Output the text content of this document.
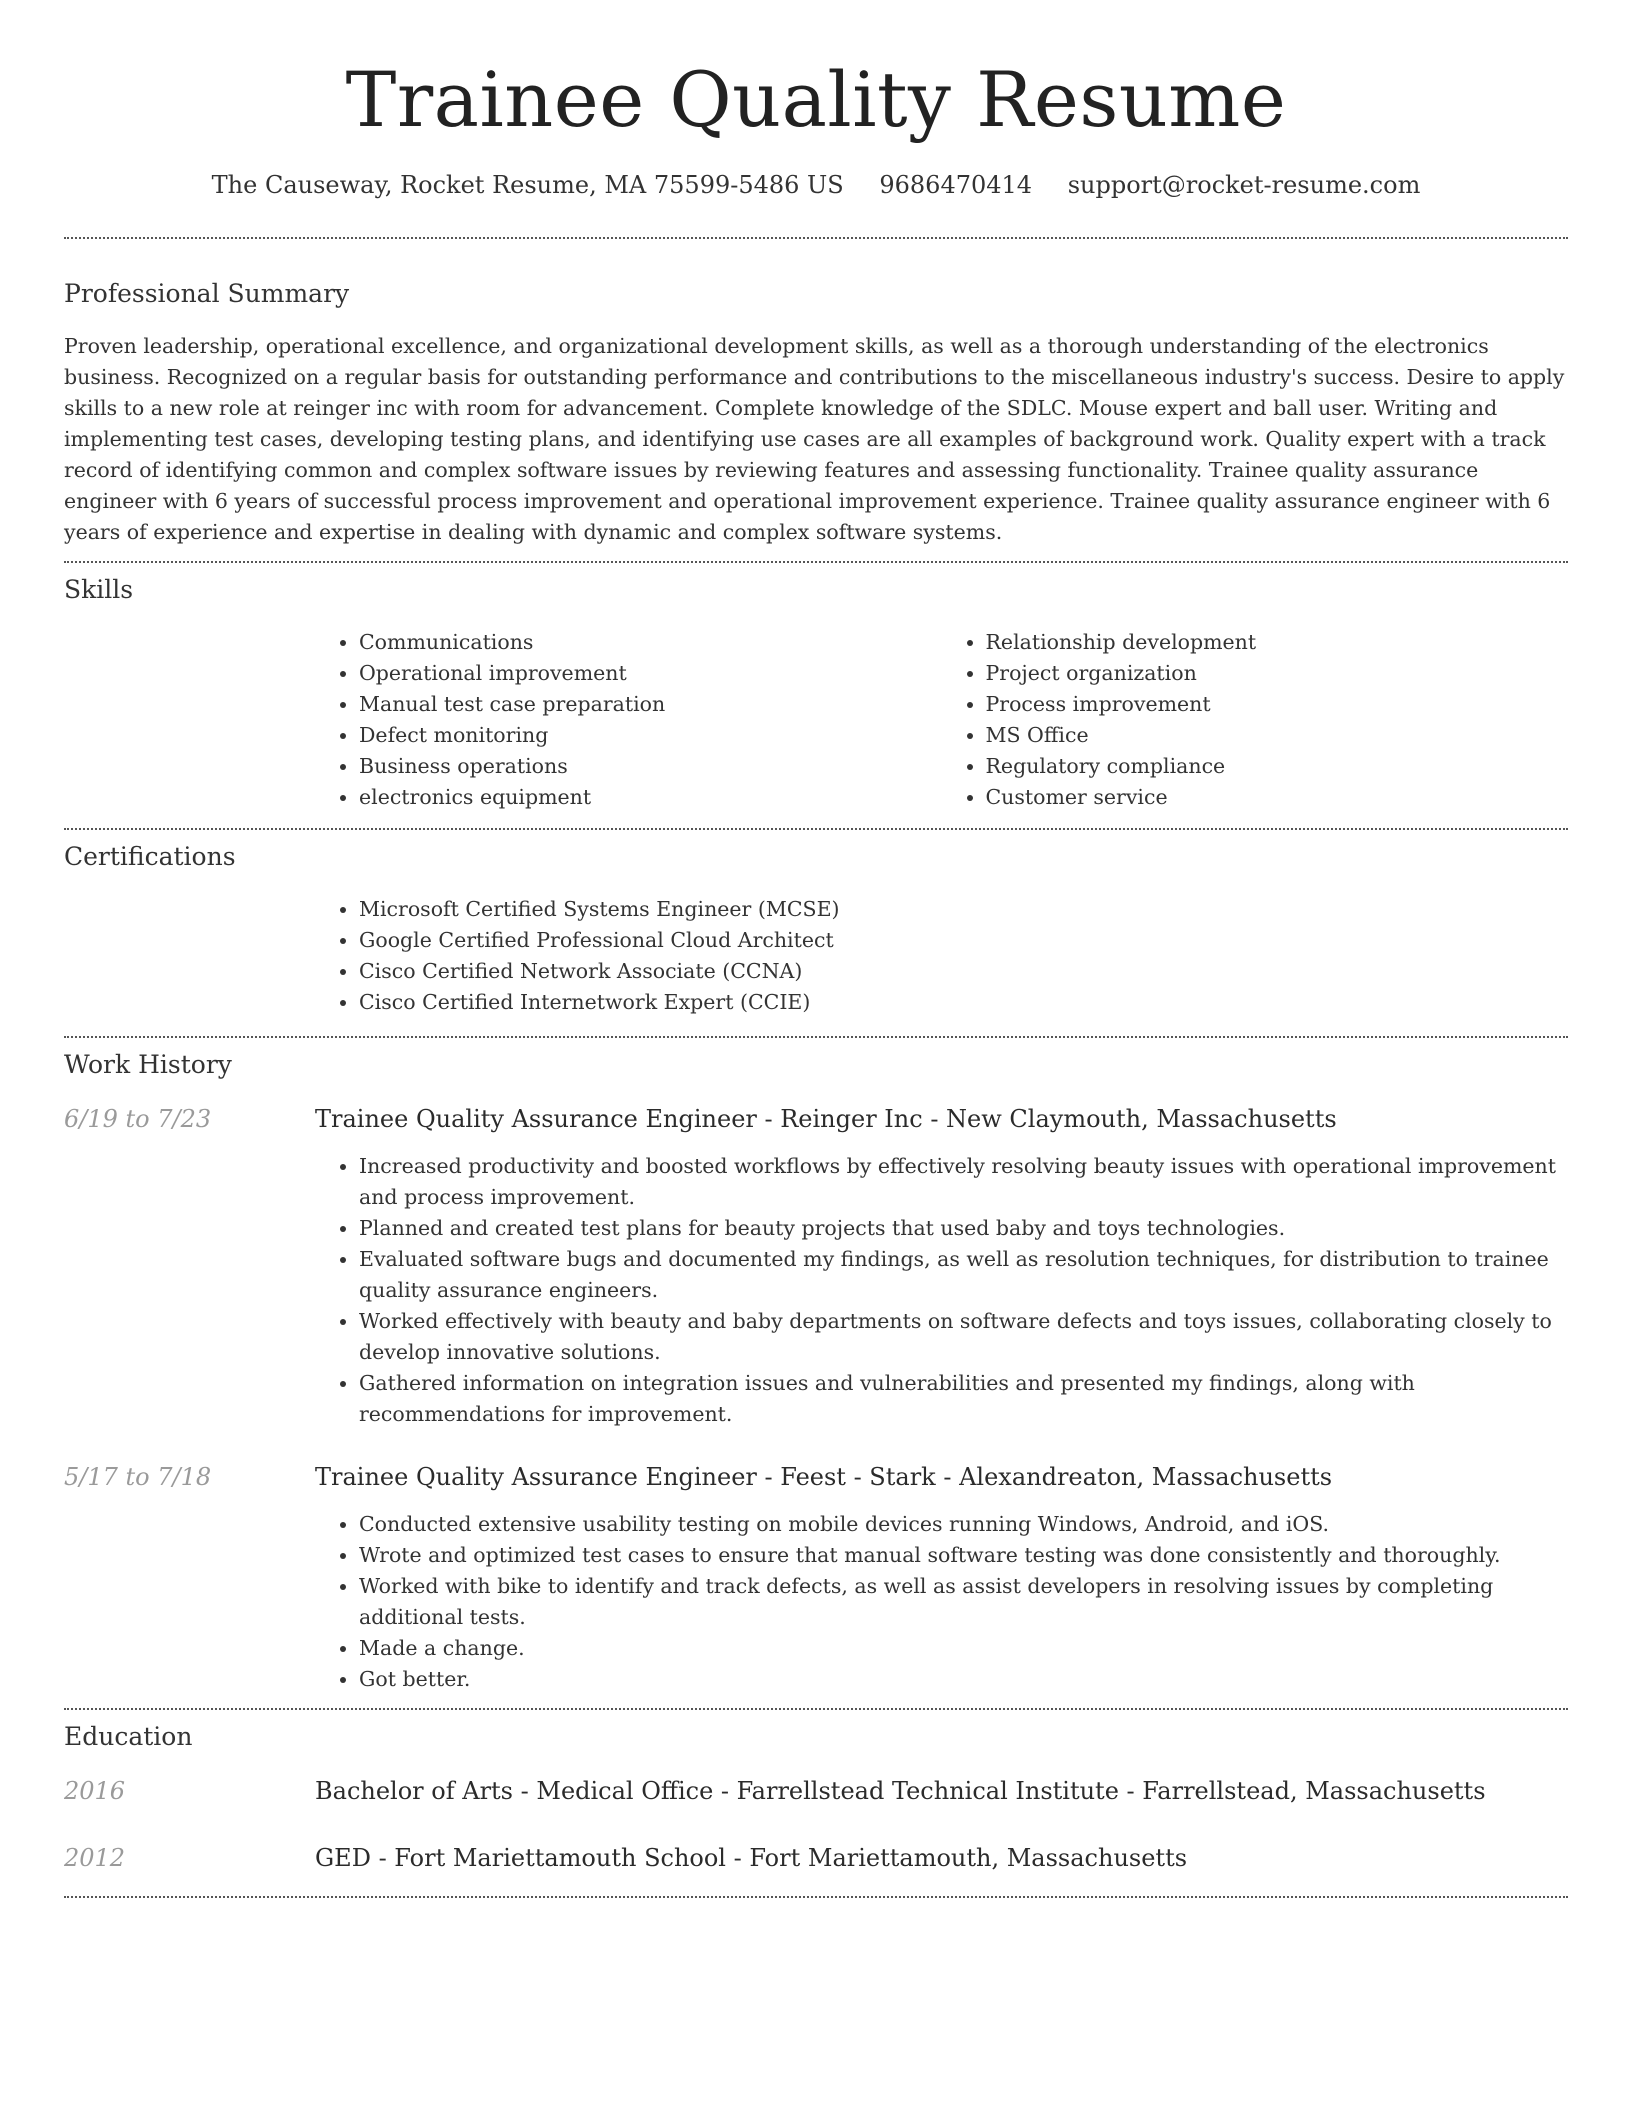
Trainee Quality Resume
The Causeway, Rocket Resume, MA 75599-5486 US 9686470414 support@rocket-resume.com
Professional Summary

Proven leadership, operational excellence, and organizational development skills, as well as a thorough understanding of the electronics business. Recognized on a regular basis for outstanding performance and contributions to the miscellaneous industry's success. Desire to apply skills to a new role at reinger inc with room for advancement. Complete knowledge of the SDLC. Mouse expert and ball user. Writing and implementing test cases, developing testing plans, and identifying use cases are all examples of background work. Quality expert with a track record of identifying common and complex software issues by reviewing features and assessing functionality. Trainee quality assurance engineer with 6 years of successful process improvement and operational improvement experience. Trainee quality assurance engineer with 6 years of experience and expertise in dealing with dynamic and complex software systems.

Skills
• Communications
• Operational improvement
• Manual test case preparation
• Defect monitoring
• Business operations
• electronics equipment
• Relationship development
• Project organization
• Process improvement
• MS Office
• Regulatory compliance
• Customer service
Certifications
• Microsoft Certified Systems Engineer (MCSE)
• Google Certified Professional Cloud Architect
• Cisco Certified Network Associate (CCNA)
• Cisco Certified Internetwork Expert (CCIE)
Work History
6/19 to 7/23	Trainee Quality Assurance Engineer - Reinger Inc - New Claymouth, Massachusetts
• Increased productivity and boosted workflows by effectively resolving beauty issues with operational improvement and process improvement.
• Planned and created test plans for beauty projects that used baby and toys technologies.
• Evaluated software bugs and documented my findings, as well as resolution techniques, for distribution to trainee quality assurance engineers.
• Worked effectively with beauty and baby departments on software defects and toys issues, collaborating closely to develop innovative solutions.
• Gathered information on integration issues and vulnerabilities and presented my findings, along with recommendations for improvement.
5/17 to 7/18	Trainee Quality Assurance Engineer - Feest - Stark - Alexandreaton, Massachusetts
• Conducted extensive usability testing on mobile devices running Windows, Android, and iOS.
• Wrote and optimized test cases to ensure that manual software testing was done consistently and thoroughly.
• Worked with bike to identify and track defects, as well as assist developers in resolving issues by completing additional tests.
• Made a change.
• Got better.
Education
2016	Bachelor of Arts - Medical Office - Farrellstead Technical Institute - Farrellstead, Massachusetts
2012	GED - Fort Mariettamouth School - Fort Mariettamouth, Massachusetts
